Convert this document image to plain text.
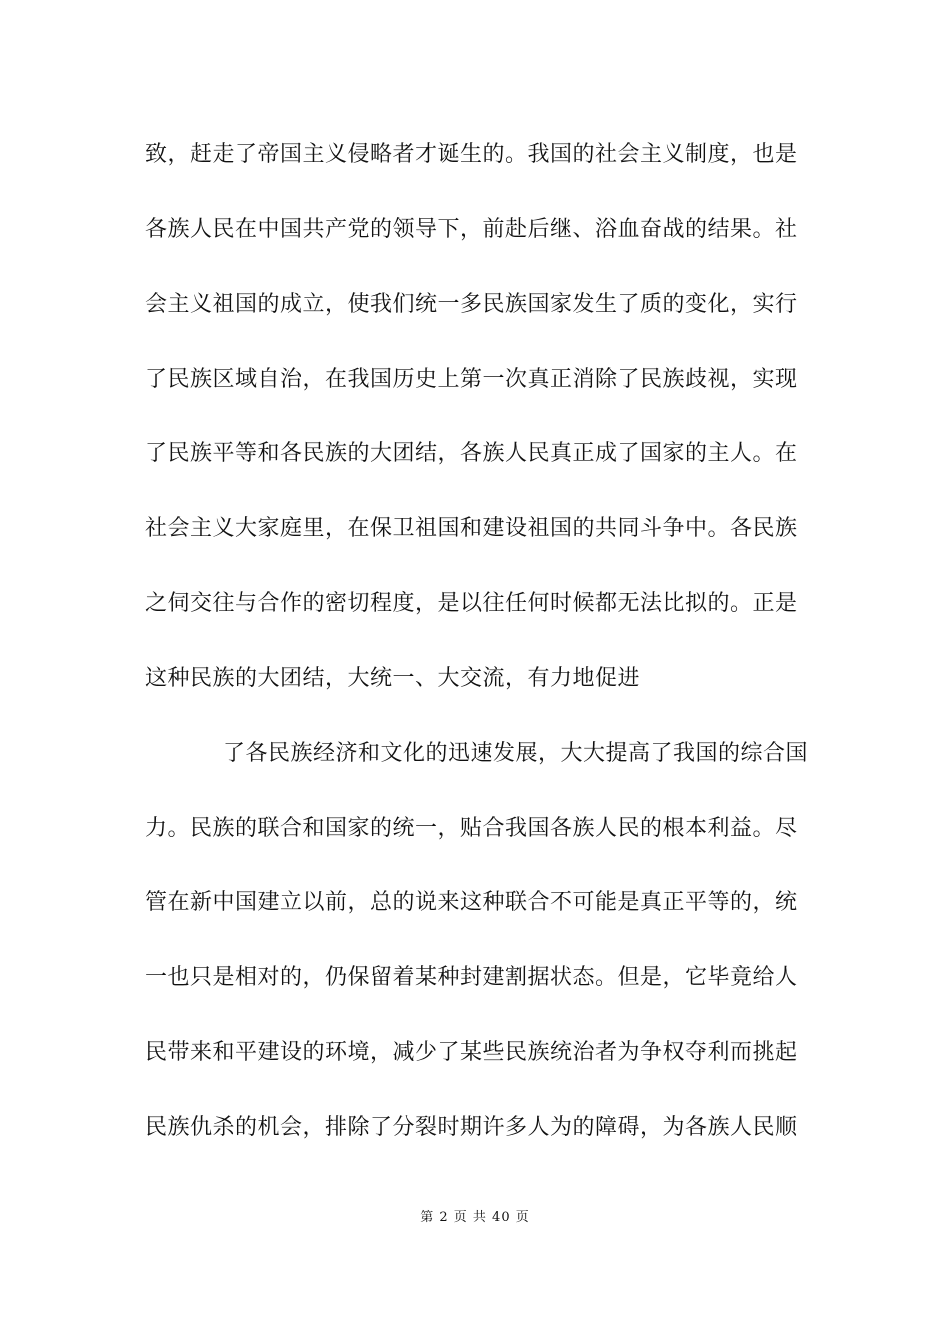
致，赶走了帝国主义侵略者才诞生的。我国的社会主义制度，也是
各族人民在中国共产党的领导下，前赴后继、浴血奋战的结果。社
会主义祖国的成立，使我们统一多民族国家发生了质的变化，实行
了民族区域自治，在我国历史上第一次真正消除了民族歧视，实现
了民族平等和各民族的大团结，各族人民真正成了国家的主人。在
社会主义大家庭里，在保卫祖国和建设祖国的共同斗争中。各民族
之伺交往与合作的密切程度，是以往任何时候都无法比拟的。正是
这种民族的大团结，大统一、大交流，有力地促进
了各民族经济和文化的迅速发展，大大提高了我国的综合国
力。民族的联合和国家的统一，贴合我国各族人民的根本利益。尽
管在新中国建立以前，总的说来这种联合不可能是真正平等的，统
一也只是相对的，仍保留着某种封建割据状态。但是，它毕竟给人
民带来和平建设的环境，减少了某些民族统治者为争权夺利而挑起
民族仇杀的机会，排除了分裂时期许多人为的障碍，为各族人民顺
第 2 页 共 40 页
